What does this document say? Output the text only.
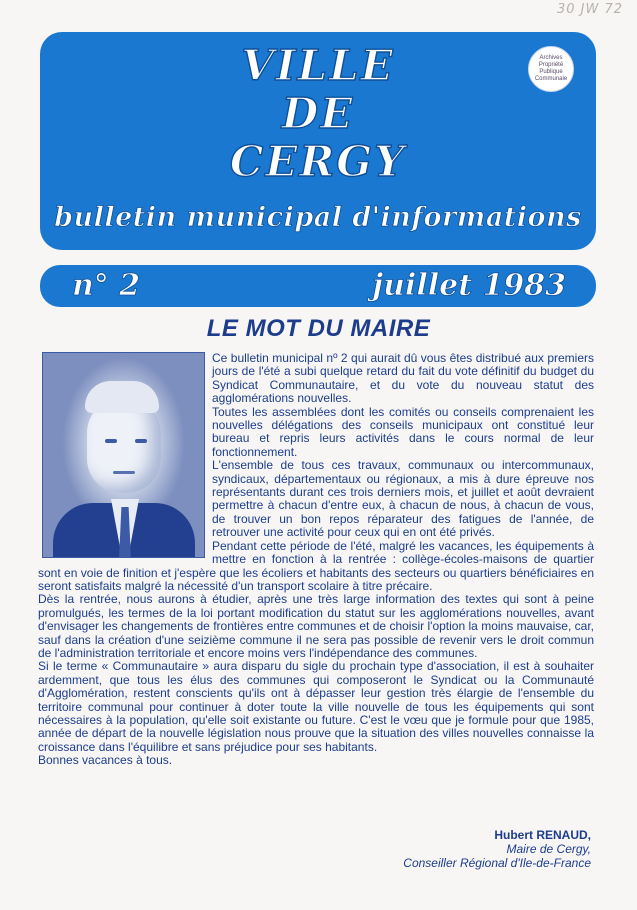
30 JW 72
VILLE
DE
CERGY
bulletin municipal d'informations
Archives
Propriété
Publique
Communale
n° 2	juillet 1983
LE MOT DU MAIRE

Ce bulletin municipal nº 2 qui aurait dû vous êtes distribué aux premiers jours de l'été a subi quelque retard du fait du vote définitif du budget du Syndicat Communautaire, et du vote du nouveau statut des agglomérations nouvelles.

Toutes les assemblées dont les comités ou conseils comprenaient les nouvelles délégations des conseils municipaux ont constitué leur bureau et repris leurs activités dans le cours normal de leur fonctionnement.

L'ensemble de tous ces travaux, communaux ou intercommunaux, syndicaux, départementaux ou régionaux, a mis à dure épreuve nos représentants durant ces trois derniers mois, et juillet et août devraient permettre à chacun d'entre eux, à chacun de nous, à chacun de vous, de trouver un bon repos réparateur des fatigues de l'année, de retrouver une activité pour ceux qui en ont été privés.

Pendant cette période de l'été, malgré les vacances, les équipements à mettre en fonction à la rentrée : collège-écoles-maisons de quartier sont en voie de finition et j'espère que les écoliers et habitants des secteurs ou quartiers bénéficiaires en seront satisfaits malgré la nécessité d'un transport scolaire à titre précaire.

Dès la rentrée, nous aurons à étudier, après une très large information des textes qui sont à peine promulgués, les termes de la loi portant modification du statut sur les agglomérations nouvelles, avant d'envisager les changements de frontières entre communes et de choisir l'option la moins mauvaise, car, sauf dans la création d'une seizième commune il ne sera pas possible de revenir vers le droit commun de l'administration territoriale et encore moins vers l'indépendance des communes.

Si le terme « Communautaire » aura disparu du sigle du prochain type d'association, il est à souhaiter ardemment, que tous les élus des communes qui composeront le Syndicat ou la Communauté d'Agglomération, restent conscients qu'ils ont à dépasser leur gestion très élargie de l'ensemble du territoire communal pour continuer à doter toute la ville nouvelle de tous les équipements qui sont nécessaires à la population, qu'elle soit existante ou future. C'est le vœu que je formule pour que 1985, année de départ de la nouvelle législation nous prouve que la situation des villes nouvelles connaisse la croissance dans l'équilibre et sans préjudice pour ses habitants.

Bonnes vacances à tous.

Hubert RENAUD,
Maire de Cergy,
Conseiller Régional d'Ile-de-France
